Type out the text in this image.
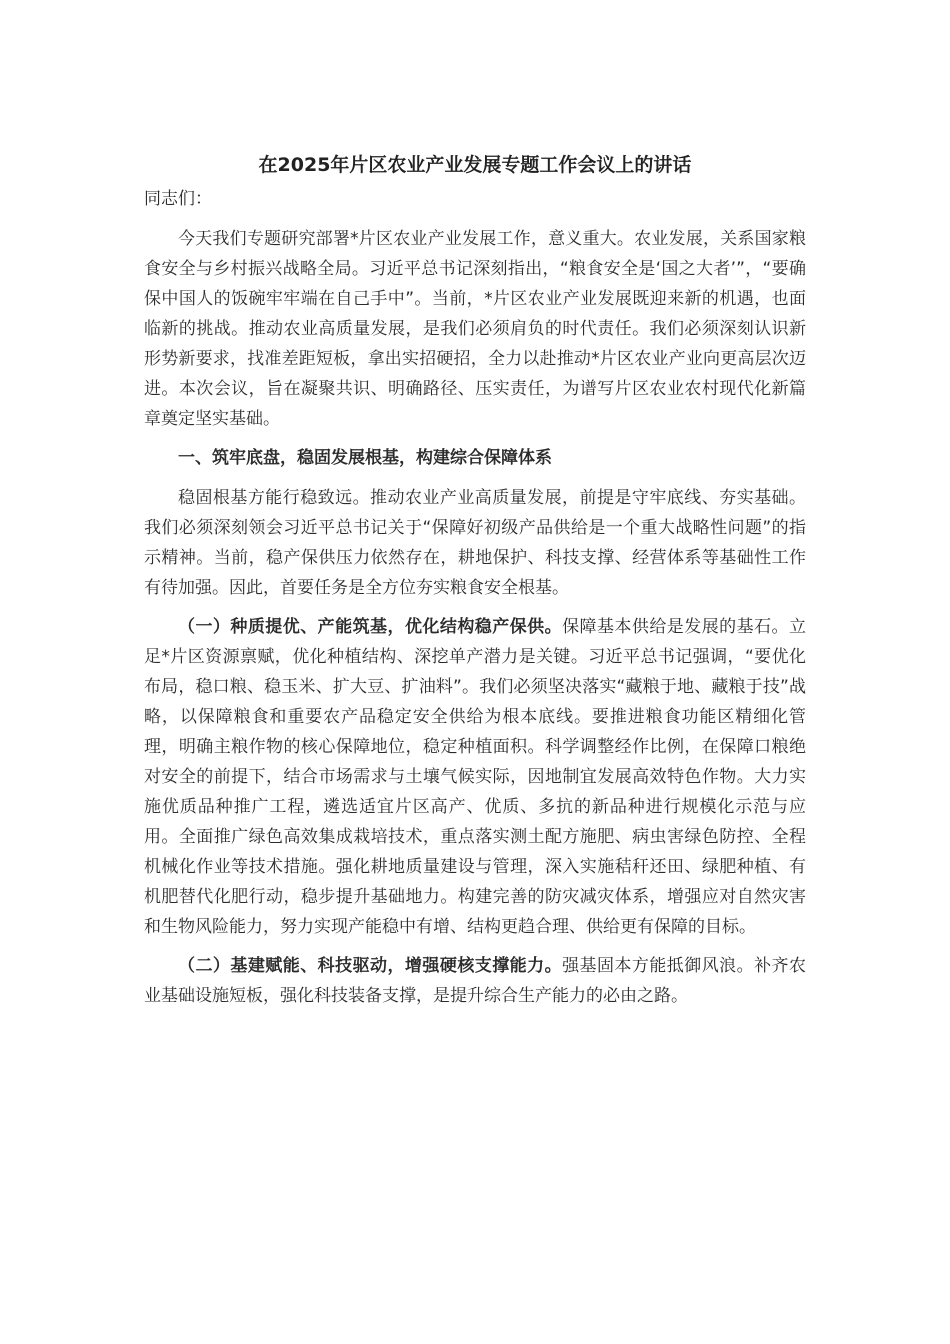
在2025年片区农业产业发展专题工作会议上的讲话

同志们：

今天我们专题研究部署*片区农业产业发展工作，意义重大。农业发展，关系国家粮食安全与乡村振兴战略全局。习近平总书记深刻指出，“粮食安全是‘国之大者’”，“要确保中国人的饭碗牢牢端在自己手中”。当前，*片区农业产业发展既迎来新的机遇，也面临新的挑战。推动农业高质量发展，是我们必须肩负的时代责任。我们必须深刻认识新形势新要求，找准差距短板，拿出实招硬招，全力以赴推动*片区农业产业向更高层次迈进。本次会议，旨在凝聚共识、明确路径、压实责任，为谱写片区农业农村现代化新篇章奠定坚实基础。

一、筑牢底盘，稳固发展根基，构建综合保障体系

稳固根基方能行稳致远。推动农业产业高质量发展，前提是守牢底线、夯实基础。我们必须深刻领会习近平总书记关于“保障好初级产品供给是一个重大战略性问题”的指示精神。当前，稳产保供压力依然存在，耕地保护、科技支撑、经营体系等基础性工作有待加强。因此，首要任务是全方位夯实粮食安全根基。

（一）种质提优、产能筑基，优化结构稳产保供。保障基本供给是发展的基石。立足*片区资源禀赋，优化种植结构、深挖单产潜力是关键。习近平总书记强调，“要优化布局，稳口粮、稳玉米、扩大豆、扩油料”。我们必须坚决落实“藏粮于地、藏粮于技”战略，以保障粮食和重要农产品稳定安全供给为根本底线。要推进粮食功能区精细化管理，明确主粮作物的核心保障地位，稳定种植面积。科学调整经作比例，在保障口粮绝对安全的前提下，结合市场需求与土壤气候实际，因地制宜发展高效特色作物。大力实施优质品种推广工程，遴选适宜片区高产、优质、多抗的新品种进行规模化示范与应用。全面推广绿色高效集成栽培技术，重点落实测土配方施肥、病虫害绿色防控、全程机械化作业等技术措施。强化耕地质量建设与管理，深入实施秸秆还田、绿肥种植、有机肥替代化肥行动，稳步提升基础地力。构建完善的防灾减灾体系，增强应对自然灾害和生物风险能力，努力实现产能稳中有增、结构更趋合理、供给更有保障的目标。

（二）基建赋能、科技驱动，增强硬核支撑能力。强基固本方能抵御风浪。补齐农业基础设施短板，强化科技装备支撑，是提升综合生产能力的必由之路。
